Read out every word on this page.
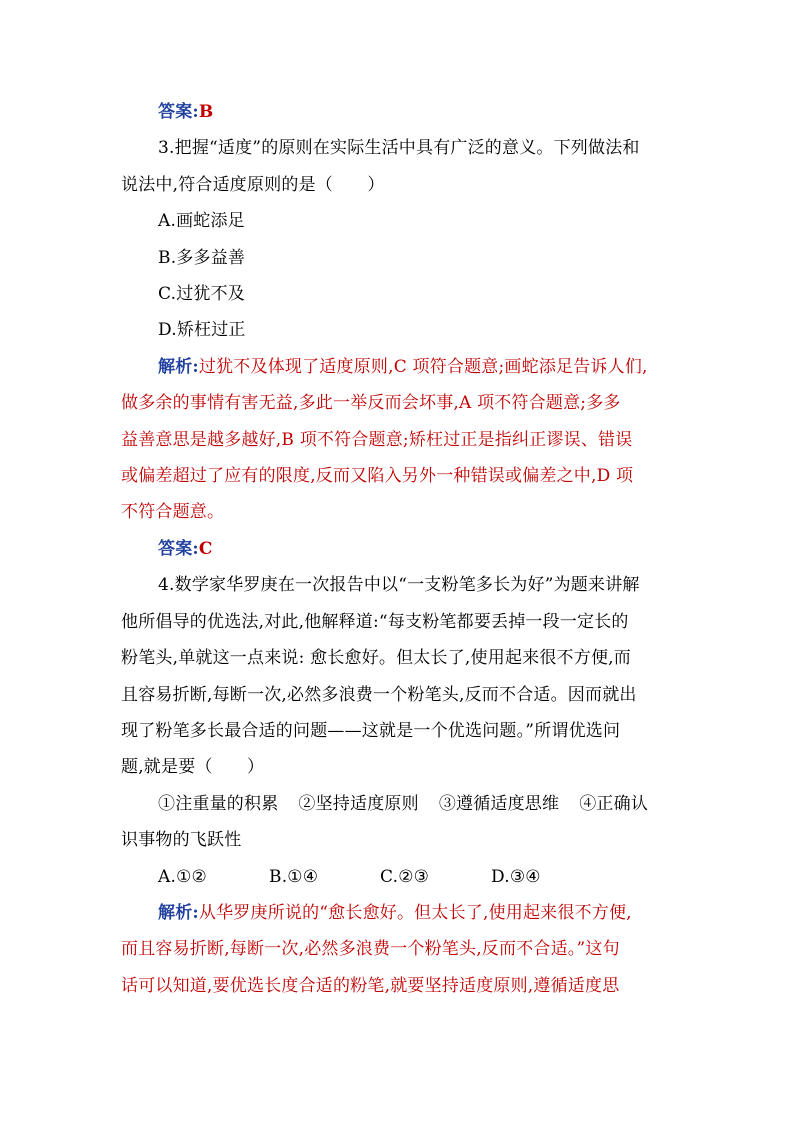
答案:B

3.把握“适度”的原则在实际生活中具有广泛的意义。下列做法和

说法中,符合适度原则的是（　　）

A.画蛇添足

B.多多益善

C.过犹不及

D.矫枉过正

解析:过犹不及体现了适度原则,C 项符合题意;画蛇添足告诉人们,

做多余的事情有害无益,多此一举反而会坏事,A 项不符合题意;多多

益善意思是越多越好,B 项不符合题意;矫枉过正是指纠正谬误、错误

或偏差超过了应有的限度,反而又陷入另外一种错误或偏差之中,D 项

不符合题意。

答案:C

4.数学家华罗庚在一次报告中以“一支粉笔多长为好”为题来讲解

他所倡导的优选法,对此,他解释道:“每支粉笔都要丢掉一段一定长的

粉笔头,单就这一点来说: 愈长愈好。但太长了,使用起来很不方便,而

且容易折断,每断一次,必然多浪费一个粉笔头,反而不合适。因而就出

现了粉笔多长最合适的问题——这就是一个优选问题。”所谓优选问

题,就是要（　　）

①注重量的积累 ②坚持适度原则 ③遵循适度思维 ④正确认

识事物的飞跃性

A.①②	B.①④	C.②③	D.③④

解析:从华罗庚所说的“愈长愈好。但太长了,使用起来很不方便,

而且容易折断,每断一次,必然多浪费一个粉笔头,反而不合适。”这句

话可以知道,要优选长度合适的粉笔,就要坚持适度原则,遵循适度思
